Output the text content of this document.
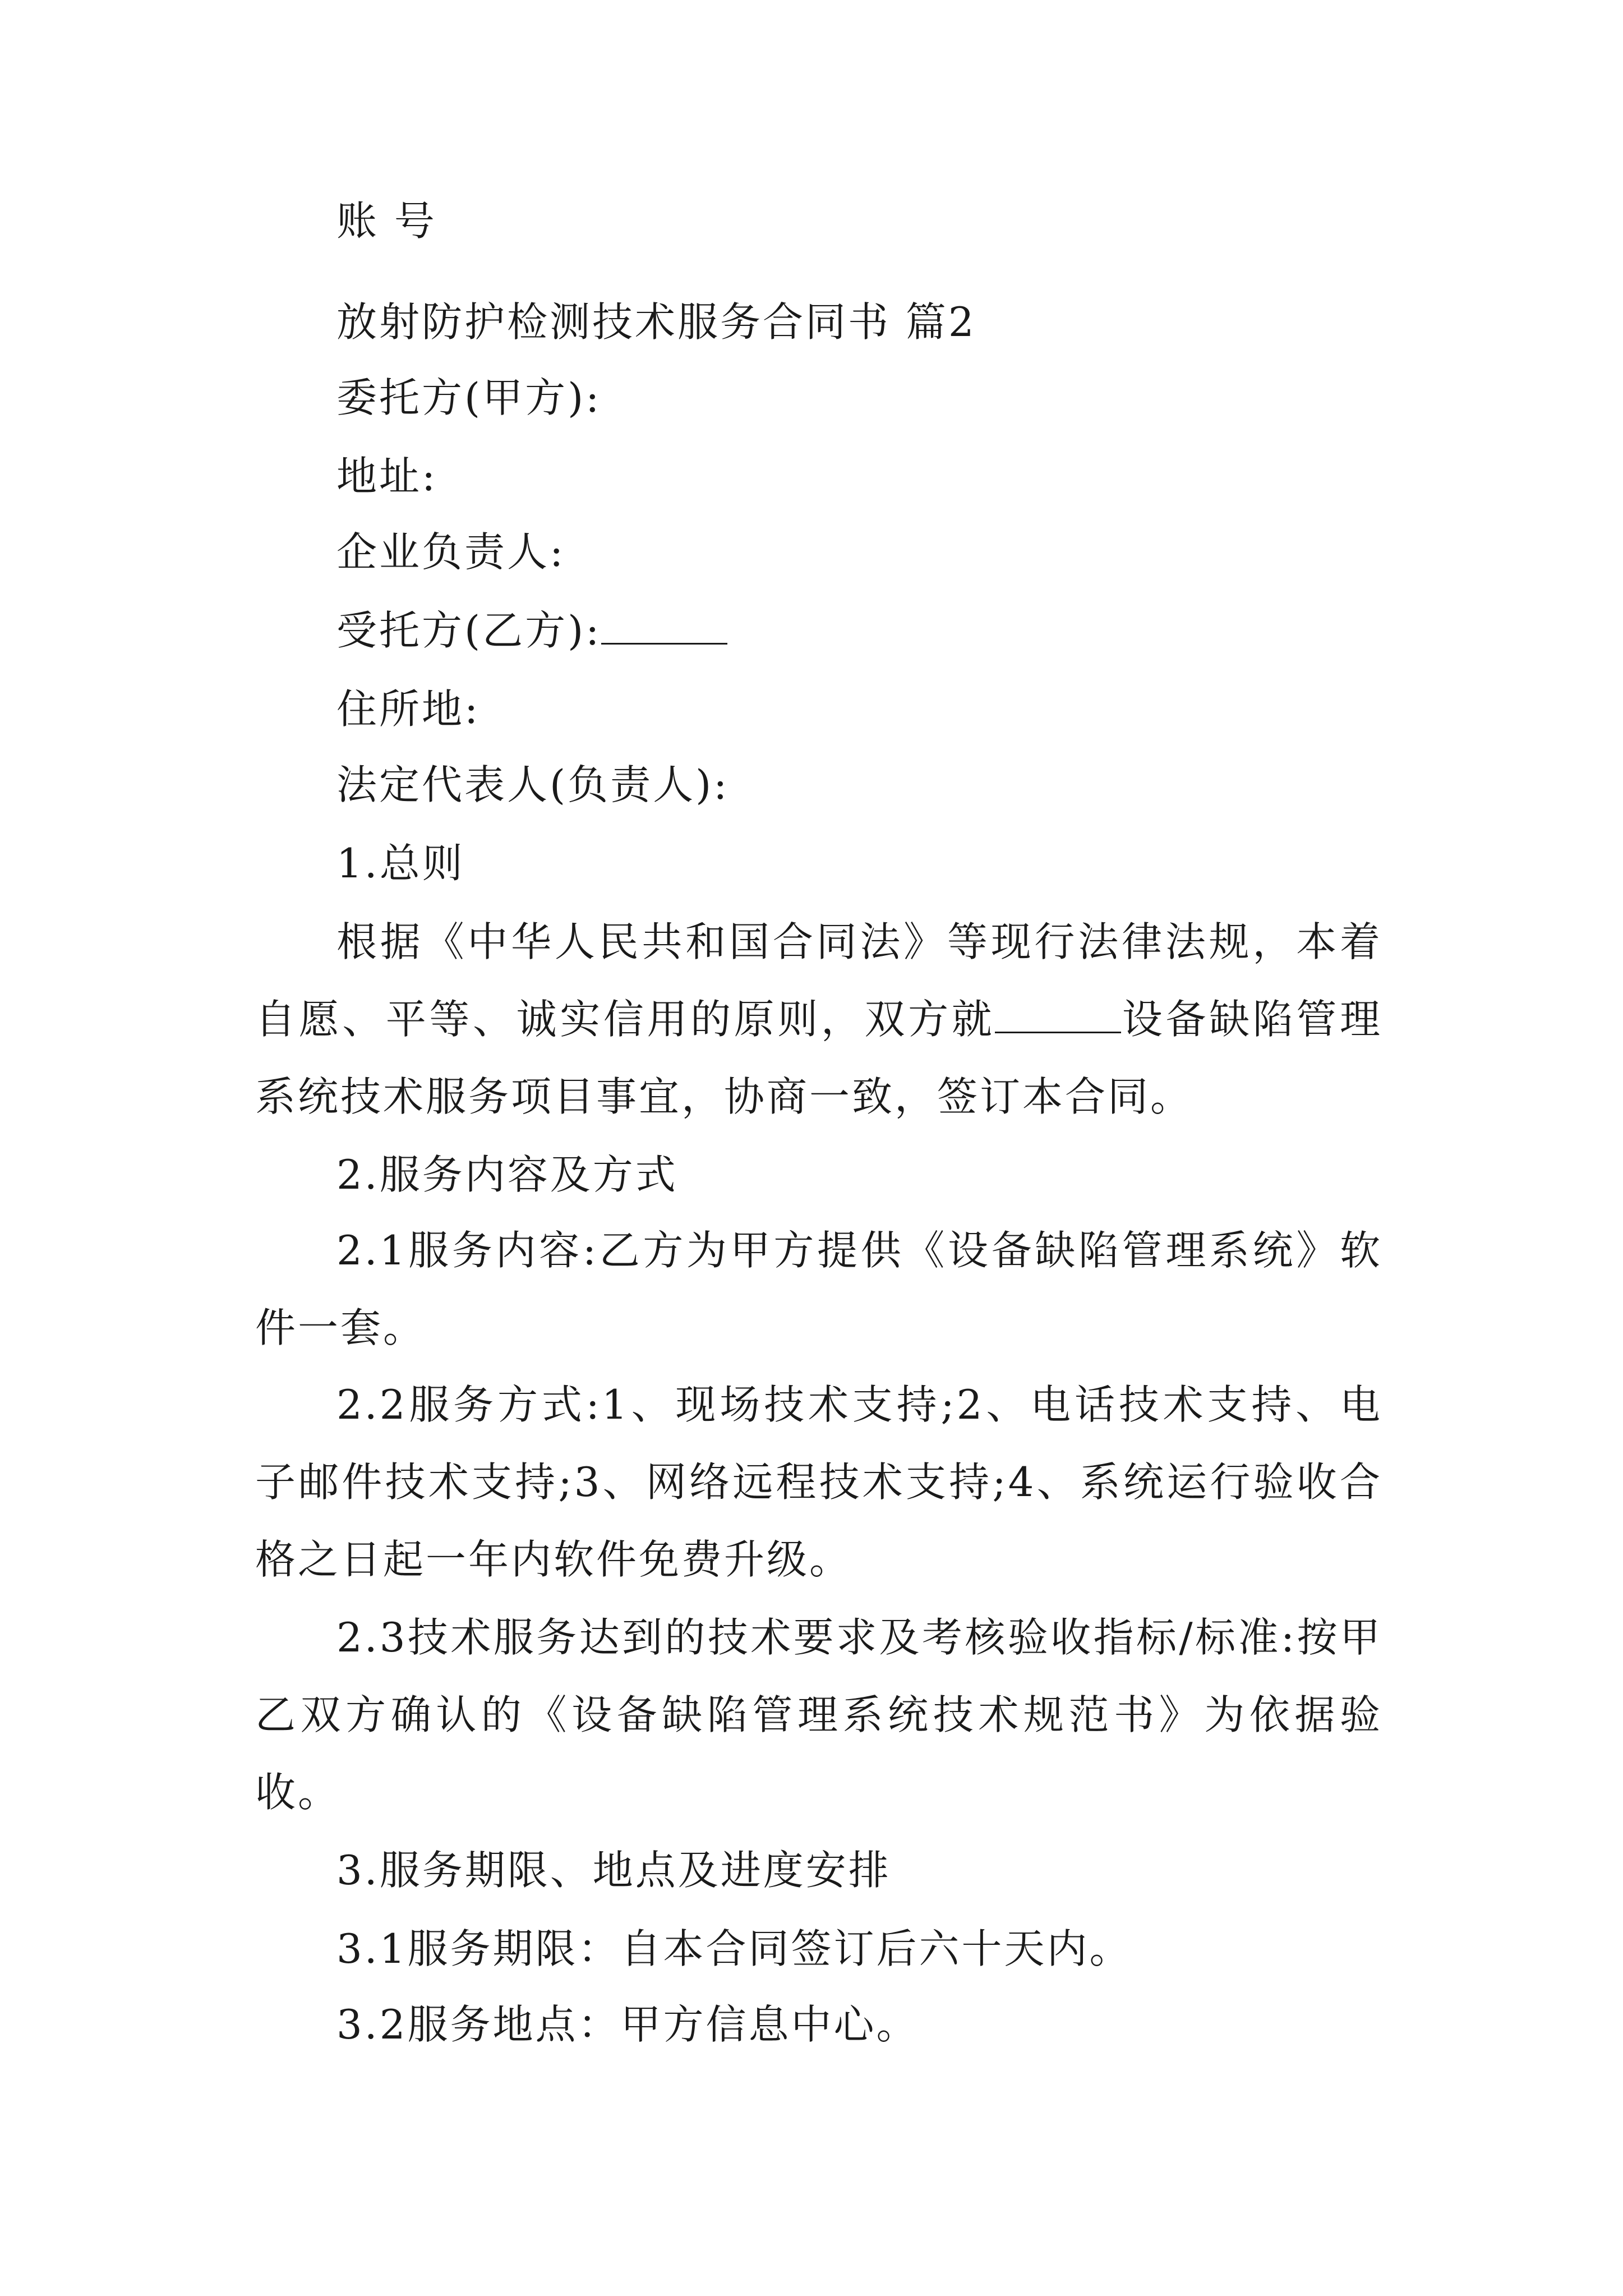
账 号
放射防护检测技术服务合同书 篇2
委托方(甲方):
地址:
企业负责人:
受托方(乙方):
住所地:
法定代表人(负责人):
1.总则
根据《中华人民共和国合同法》等现行法律法规，本着自愿、平等、诚实信用的原则，双方就	设备缺陷管理系统技术服务项目事宜，协商一致，签订本合同。
2.服务内容及方式
2.1服务内容:乙方为甲方提供《设备缺陷管理系统》软件一套。
2.2服务方式:1、现场技术支持;2、电话技术支持、电子邮件技术支持;3、网络远程技术支持;4、系统运行验收合格之日起一年内软件免费升级。
2.3技术服务达到的技术要求及考核验收指标/标准:按甲乙双方确认的《设备缺陷管理系统技术规范书》为依据验收。
3.服务期限、地点及进度安排
3.1服务期限：自本合同签订后六十天内。
3.2服务地点：甲方信息中心。
